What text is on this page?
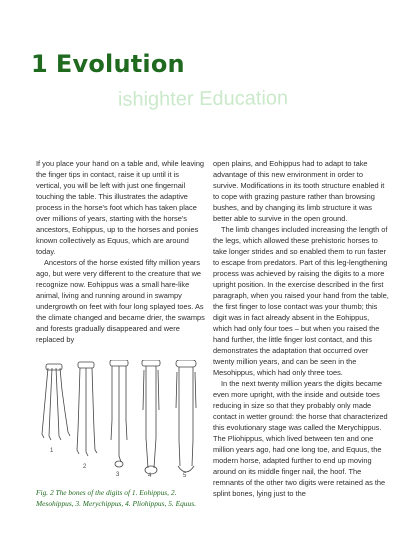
1 Evolution
ishighter Education

If you place your hand on a table and, while leaving the finger tips in contact, raise it up until it is vertical, you will be left with just one fingernail touching the table. This illustrates the adaptive process in the horse's foot which has taken place over millions of years, starting with the horse's ancestors, Eohippus, up to the horses and ponies known collectively as Equus, which are around today.

Ancestors of the horse existed fifty million years ago, but were very different to the creature that we recognize now. Eohippus was a small hare-like animal, living and running around in swampy undergrowth on feet with four long splayed toes. As the climate changed and became drier, the swamps and forests gradually disappeared and were replaced by

open plains, and Eohippus had to adapt to take advantage of this new environment in order to survive. Modifications in its tooth structure enabled it to cope with grazing pasture rather than browsing bushes, and by changing its limb structure it was better able to survive in the open ground.

The limb changes included increasing the length of the legs, which allowed these prehistoric horses to take longer strides and so enabled them to run faster to escape from predators. Part of this leg-lengthening process was achieved by raising the digits to a more upright position. In the exercise described in the first paragraph, when you raised your hand from the table, the first finger to lose contact was your thumb; this digit was in fact already absent in the Eohippus, which had only four toes – but when you raised the hand further, the little finger lost contact, and this demonstrates the adaptation that occurred over twenty million years, and can be seen in the Mesohippus, which had only three toes.

In the next twenty million years the digits became even more upright, with the inside and outside toes reducing in size so that they probably only made contact in wetter ground: the horse that characterized this evolutionary stage was called the Merychippus. The Pliohippus, which lived between ten and one million years ago, had one long toe, and Equus, the modern horse, adapted further to end up moving around on its middle finger nail, the hoof. The remnants of the other two digits were retained as the splint bones, lying just to the

1
2
3	4	5
Fig. 2 The bones of the digits of 1. Eohippus, 2. Mesohippus, 3. Merychippus, 4. Pliohippus, 5. Equus.
